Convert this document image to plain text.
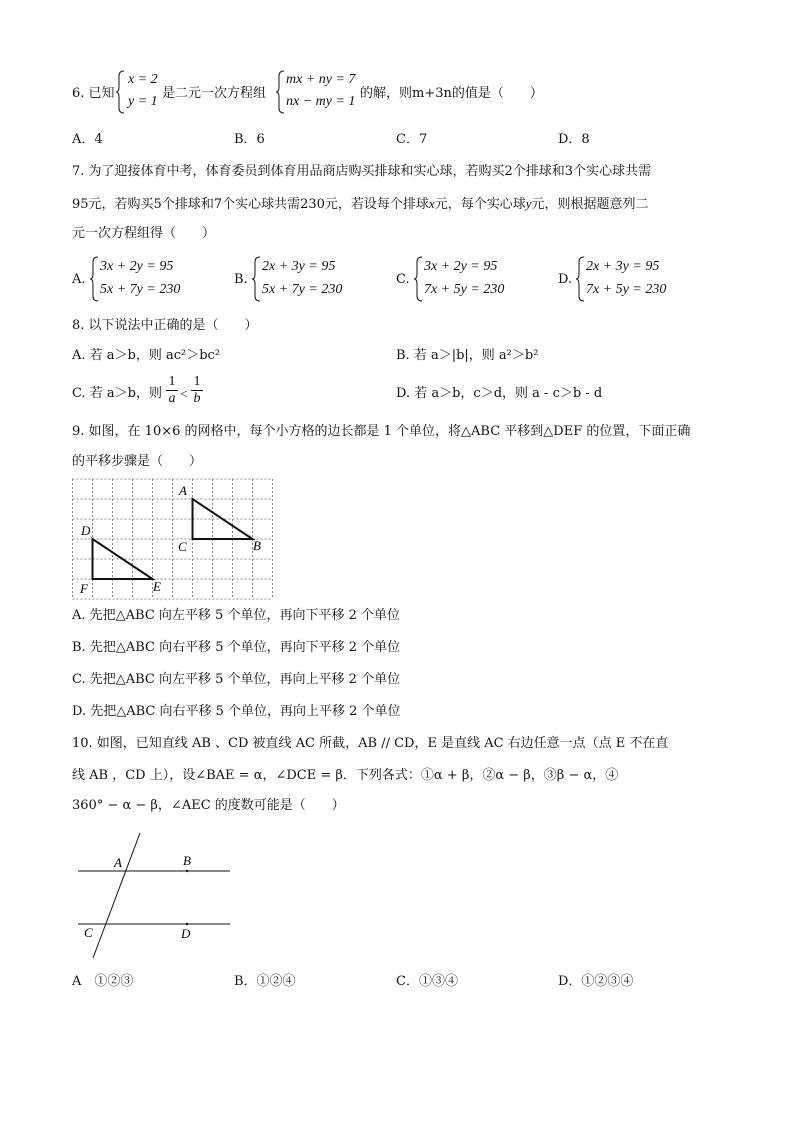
6. 已知
x = 2
y = 1
是二元一次方程组
mx + ny = 7
nx − my = 1
的解，则m+3n的值是（　　）
A．4	B．6	C．7	D．8
7. 为了迎接体育中考，体育委员到体育用品商店购买排球和实心球，若购买2个排球和3个实心球共需
95元，若购买5个排球和7个实心球共需230元，若设每个排球x元，每个实心球y元，则根据题意列二
元一次方程组得（　　）
A.
3x + 2y = 95
5x + 7y = 230
B.
2x + 3y = 95
5x + 7y = 230
C.
3x + 2y = 95
7x + 5y = 230
D.
2x + 3y = 95
7x + 5y = 230
8. 以下说法中正确的是（　　）
A. 若 a＞b，则 ac²＞bc²	B. 若 a＞|b|，则 a²＞b²
C. 若 a＞b，则
1
a <
1
b	D. 若 a＞b，c＞d，则 a - c＞b - d
9. 如图，在 10×6 的网格中，每个小方格的边长都是 1 个单位，将△ABC 平移到△DEF 的位置，下面正确
的平移步骤是（　　）
A
C	B
D
F	E
A. 先把△ABC 向左平移 5 个单位，再向下平移 2 个单位
B. 先把△ABC 向右平移 5 个单位，再向下平移 2 个单位
C. 先把△ABC 向左平移 5 个单位，再向上平移 2 个单位
D. 先把△ABC 向右平移 5 个单位，再向上平移 2 个单位
10. 如图，已知直线 AB 、CD 被直线 AC 所截，AB // CD，E 是直线 AC 右边任意一点（点 E 不在直
线 AB ，CD 上），设∠BAE = α，∠DCE = β．下列各式：①α + β，②α − β，③β − α，④
360° − α − β，∠AEC 的度数可能是（　　）
A	B
C	D
A　①②③	B．①②④	C．①③④	D．①②③④
